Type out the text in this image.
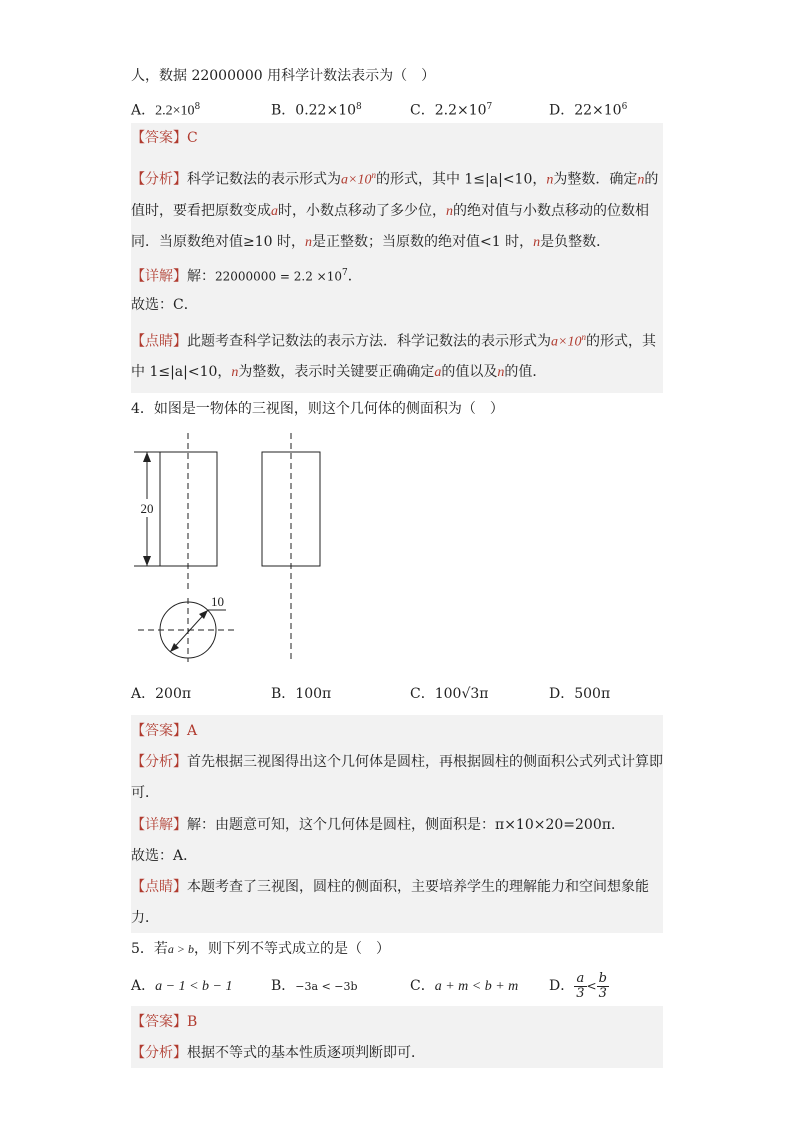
人，数据 22000000 用科学计数法表示为（　）
A．$2.2\times 10^8$	B．$0.22\times 10^8$	C．$2.2\times 10^7$	D．$22\times 10^6$
【答案】C
【分析】科学记数法的表示形式为$a\times 10^n$的形式，其中 1≤|a|<10，n为整数．确定n的
值时，要看把原数变成a时，小数点移动了多少位，n的绝对值与小数点移动的位数相
同．当原数绝对值≥10 时，n是正整数；当原数的绝对值<1 时，n是负整数．
【详解】解：$22000000 = 2.2 \times 10^7$．
故选：C．
【点睛】此题考查科学记数法的表示方法．科学记数法的表示形式为$a\times 10^n$的形式，其
中 1≤|a|<10，n为整数，表示时关键要正确确定a的值以及n的值．
4．如图是一物体的三视图，则这个几何体的侧面积为（　）
20
10
A．200π	B．100π	C．100√3π	D．500π
【答案】A
【分析】首先根据三视图得出这个几何体是圆柱，再根据圆柱的侧面积公式列式计算即
可．
【详解】解：由题意可知，这个几何体是圆柱，侧面积是：π×10×20=200π．
故选：A．
【点睛】本题考查了三视图，圆柱的侧面积，主要培养学生的理解能力和空间想象能
力．
5．若a > b，则下列不等式成立的是（　）
A．a − 1 < b − 1	B．−3a < −3b	C．a + m < b + m D． $\frac{a}{3} < \frac{b}{3}$
【答案】B
【分析】根据不等式的基本性质逐项判断即可．
